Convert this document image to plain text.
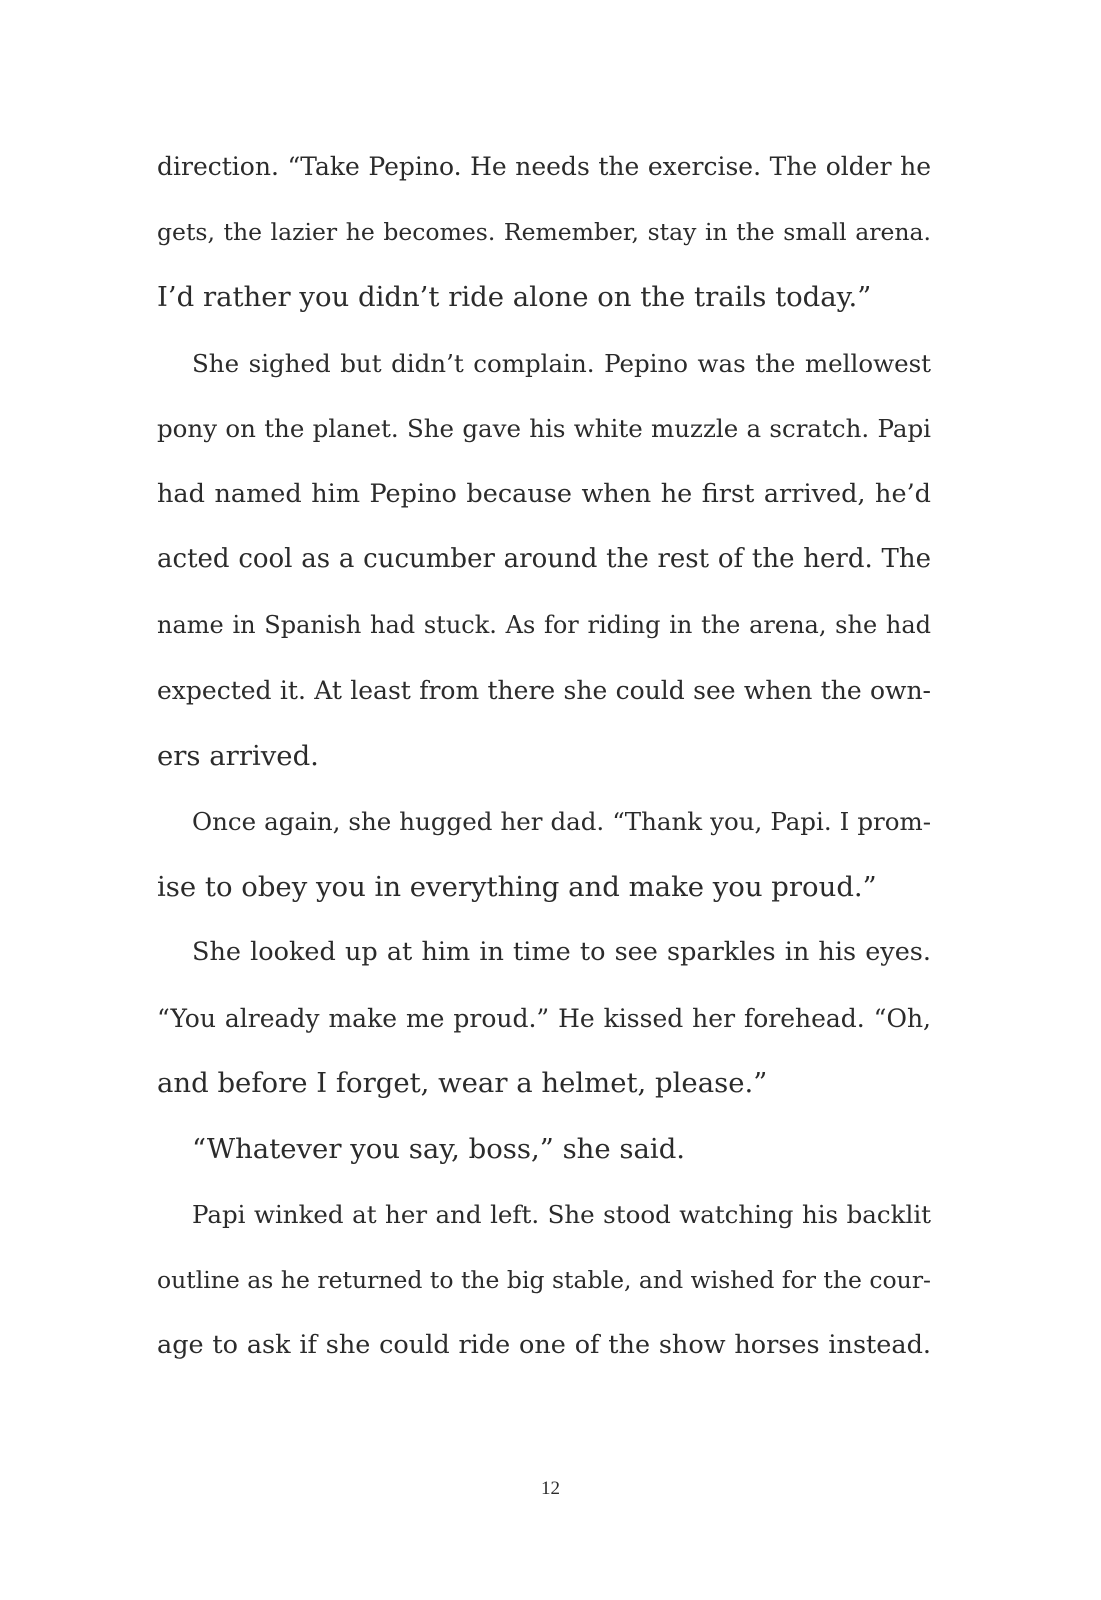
direction. “Take Pepino. He needs the exercise. The older he
gets, the lazier he becomes. Remember, stay in the small arena.
I’d rather you didn’t ride alone on the trails today.”
She sighed but didn’t complain. Pepino was the mellowest
pony on the planet. She gave his white muzzle a scratch. Papi
had named him Pepino because when he first arrived, he’d
acted cool as a cucumber around the rest of the herd. The
name in Spanish had stuck. As for riding in the arena, she had
expected it. At least from there she could see when the own-
ers arrived.
Once again, she hugged her dad. “Thank you, Papi. I prom-
ise to obey you in everything and make you proud.”
She looked up at him in time to see sparkles in his eyes.
“You already make me proud.” He kissed her forehead. “Oh,
and before I forget, wear a helmet, please.”
“Whatever you say, boss,” she said.
Papi winked at her and left. She stood watching his backlit
outline as he returned to the big stable, and wished for the cour-
age to ask if she could ride one of the show horses instead.
12
